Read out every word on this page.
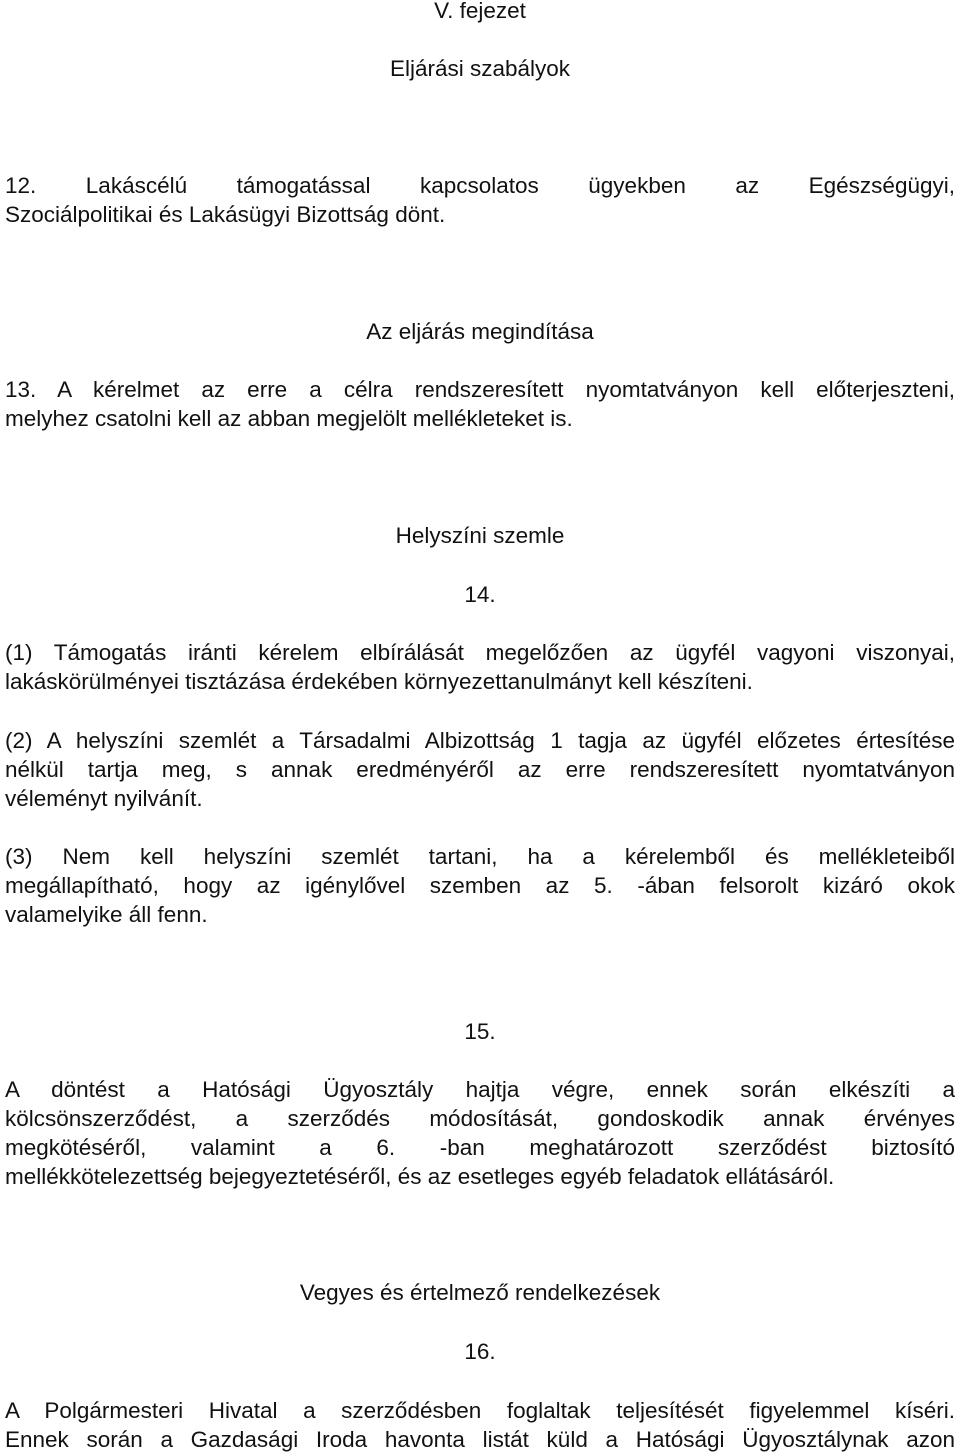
V. fejezet

Eljárási szabályok

12. Lakáscélú támogatással kapcsolatos ügyekben az Egészségügyi,
Szociálpolitikai és Lakásügyi Bizottság dönt.

Az eljárás megindítása

13. A kérelmet az erre a célra rendszeresített nyomtatványon kell előterjeszteni,
melyhez csatolni kell az abban megjelölt mellékleteket is.

Helyszíni szemle

14.

(1) Támogatás iránti kérelem elbírálását megelőzően az ügyfél vagyoni viszonyai,
lakáskörülményei tisztázása érdekében környezettanulmányt kell készíteni.
(2) A helyszíni szemlét a Társadalmi Albizottság 1 tagja az ügyfél előzetes értesítése
nélkül tartja meg, s annak eredményéről az erre rendszeresített nyomtatványon
véleményt nyilvánít.
(3) Nem kell helyszíni szemlét tartani, ha a kérelemből és mellékleteiből
megállapítható, hogy az igénylővel szemben az 5. -ában felsorolt kizáró okok
valamelyike áll fenn.

15.

A döntést a Hatósági Ügyosztály hajtja végre, ennek során elkészíti a
kölcsönszerződést, a szerződés módosítását, gondoskodik annak érvényes
megkötéséről, valamint a 6. -ban meghatározott szerződést biztosító
mellékkötelezettség bejegyeztetéséről, és az esetleges egyéb feladatok ellátásáról.

Vegyes és értelmező rendelkezések

16.

A Polgármesteri Hivatal a szerződésben foglaltak teljesítését figyelemmel kíséri.
Ennek során a Gazdasági Iroda havonta listát küld a Hatósági Ügyosztálynak azon
